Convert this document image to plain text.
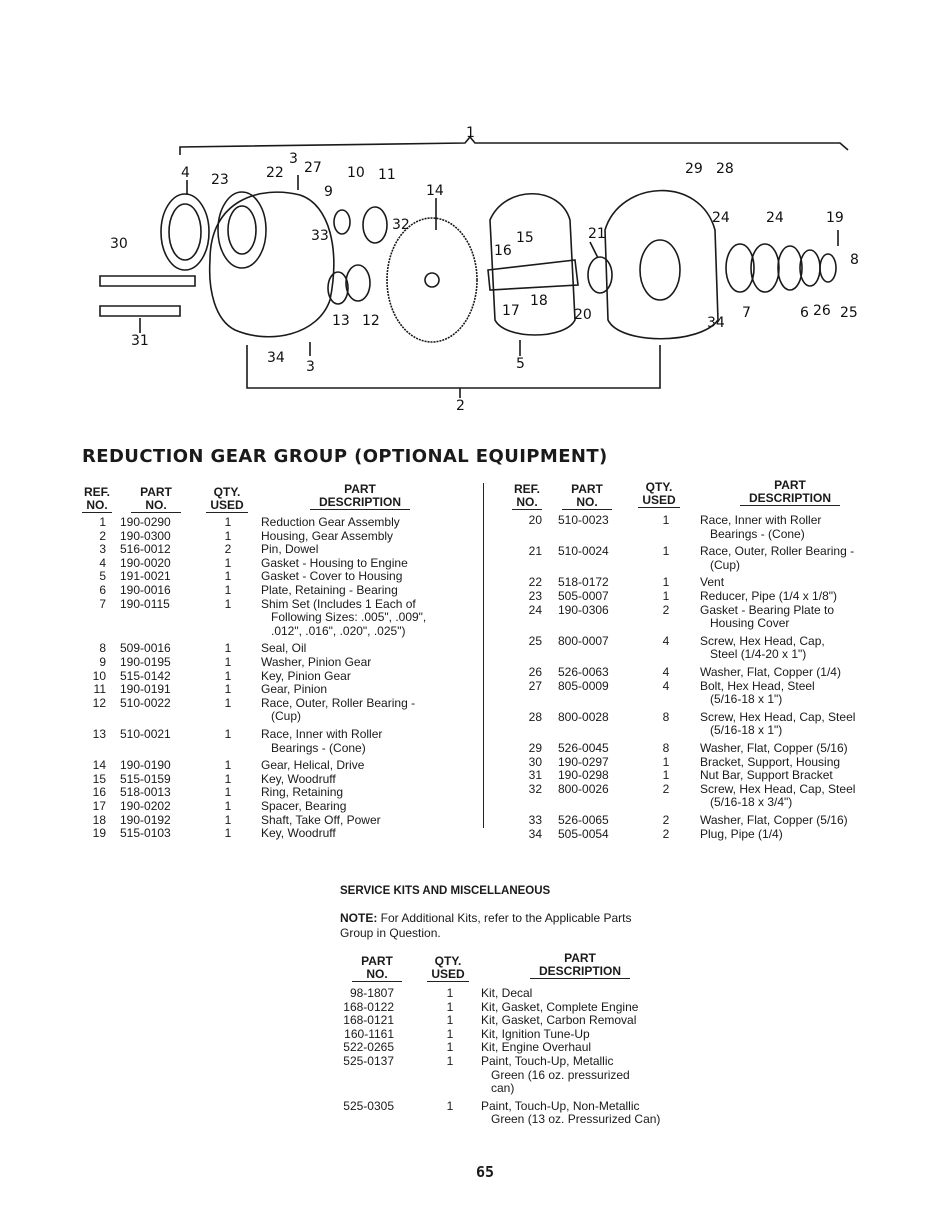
1
2
3
3
4
5
6
7
8
9
10 11
12
13
14
15
16
17
18
19
20
21
22
23
24	24
25
26
27	28
29
30
31
32
33
34
34
REDUCTION GEAR GROUP (OPTIONAL EQUIPMENT)
REF.
NO.
PART
NO.
QTY.
USED
PART
DESCRIPTION
1 190-0290	1	Reduction Gear Assembly
2 190-0300	1	Housing, Gear Assembly
3 516-0012	2	Pin, Dowel
4 190-0020	1	Gasket - Housing to Engine
5 191-0021	1	Gasket - Cover to Housing
6 190-0016	1	Plate, Retaining - Bearing
7 190-0115	1	Shim Set (Includes 1 Each of
Following Sizes: .005", .009",
.012", .016", .020", .025")
8 509-0016	1	Seal, Oil
9 190-0195	1	Washer, Pinion Gear
10 515-0142	1	Key, Pinion Gear
11 190-0191	1	Gear, Pinion
12 510-0022	1	Race, Outer, Roller Bearing -
(Cup)
13 510-0021	1	Race, Inner with Roller
Bearings - (Cone)
14 190-0190	1	Gear, Helical, Drive
15 515-0159	1	Key, Woodruff
16 518-0013	1	Ring, Retaining
17 190-0202	1	Spacer, Bearing
18 190-0192	1	Shaft, Take Off, Power
19 515-0103	1	Key, Woodruff
REF.
NO.
PART
NO.
QTY.
USED
PART
DESCRIPTION
20 510-0023	1	Race, Inner with Roller
Bearings - (Cone)
21 510-0024	1	Race, Outer, Roller Bearing -
(Cup)
22 518-0172	1	Vent
23 505-0007	1	Reducer, Pipe (1/4 x 1/8")
24 190-0306	2	Gasket - Bearing Plate to
Housing Cover
25 800-0007	4	Screw, Hex Head, Cap,
Steel (1/4-20 x 1")
26 526-0063	4	Washer, Flat, Copper (1/4)
27 805-0009	4	Bolt, Hex Head, Steel
(5/16-18 x 1")
28 800-0028	8	Screw, Hex Head, Cap, Steel
(5/16-18 x 1")
29 526-0045	8	Washer, Flat, Copper (5/16)
30 190-0297	1	Bracket, Support, Housing
31 190-0298	1	Nut Bar, Support Bracket
32 800-0026	2	Screw, Hex Head, Cap, Steel
(5/16-18 x 3/4")
33 526-0065	2	Washer, Flat, Copper (5/16)
34 505-0054	2	Plug, Pipe (1/4)
SERVICE KITS AND MISCELLANEOUS
NOTE: For Additional Kits, refer to the Applicable Parts Group in Question.
PART
NO.
QTY.
USED
PART
DESCRIPTION
98-1807	1	Kit, Decal
168-0122	1	Kit, Gasket, Complete Engine
168-0121	1	Kit, Gasket, Carbon Removal
160-1161	1	Kit, Ignition Tune-Up
522-0265	1	Kit, Engine Overhaul
525-0137	1	Paint, Touch-Up, Metallic
Green (16 oz. pressurized
can)
525-0305	1	Paint, Touch-Up, Non-Metallic
Green (13 oz. Pressurized Can)
65
